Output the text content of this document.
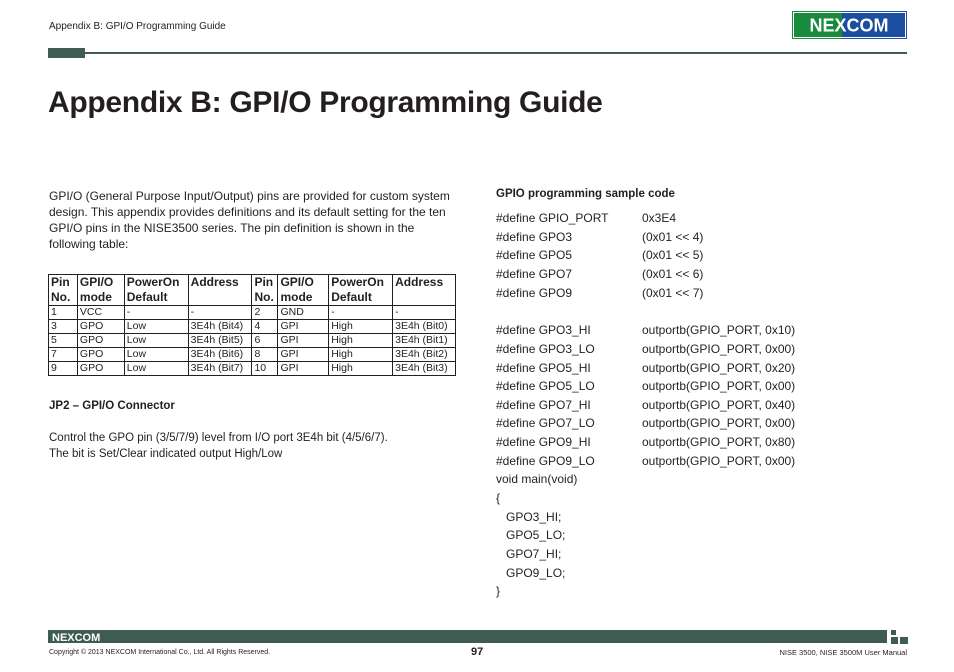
Appendix B: GPI/O Programming Guide	NEXCOM
Appendix B: GPI/O Programming Guide

GPI/O (General Purpose Input/Output) pins are provided for custom system design. This appendix provides definitions and its default setting for the ten GPI/O pins in the NISE3500 series. The pin definition is shown in the following table:

Pin No.	GPI/O mode	PowerOn Default	Address	Pin No.	GPI/O mode	PowerOn Default	Address
1	VCC	-	-	2	GND	-	-
3	GPO	Low	3E4h (Bit4)	4	GPI	High	3E4h (Bit0)
5	GPO	Low	3E4h (Bit5)	6	GPI	High	3E4h (Bit1)
7	GPO	Low	3E4h (Bit6)	8	GPI	High	3E4h (Bit2)
9	GPO	Low	3E4h (Bit7)	10	GPI	High	3E4h (Bit3)
JP2 – GPI/O Connector
Control the GPO pin (3/5/7/9) level from I/O port 3E4h bit (4/5/6/7).
The bit is Set/Clear indicated output High/Low
GPIO programming sample code
#define GPIO_PORT	0x3E4
#define GPO3	(0x01 << 4)
#define GPO5	(0x01 << 5)
#define GPO7	(0x01 << 6)
#define GPO9	(0x01 << 7)
#define GPO3_HI	outportb(GPIO_PORT, 0x10)
#define GPO3_LO	outportb(GPIO_PORT, 0x00)
#define GPO5_HI	outportb(GPIO_PORT, 0x20)
#define GPO5_LO	outportb(GPIO_PORT, 0x00)
#define GPO7_HI	outportb(GPIO_PORT, 0x40)
#define GPO7_LO	outportb(GPIO_PORT, 0x00)
#define GPO9_HI	outportb(GPIO_PORT, 0x80)
#define GPO9_LO	outportb(GPIO_PORT, 0x00)
void main(void)
{
GPO3_HI;
GPO5_LO;
GPO7_HI;
GPO9_LO;
}
NEXCOM
97
Copyright © 2013 NEXCOM International Co., Ltd. All Rights Reserved.	NISE 3500, NISE 3500M User Manual
